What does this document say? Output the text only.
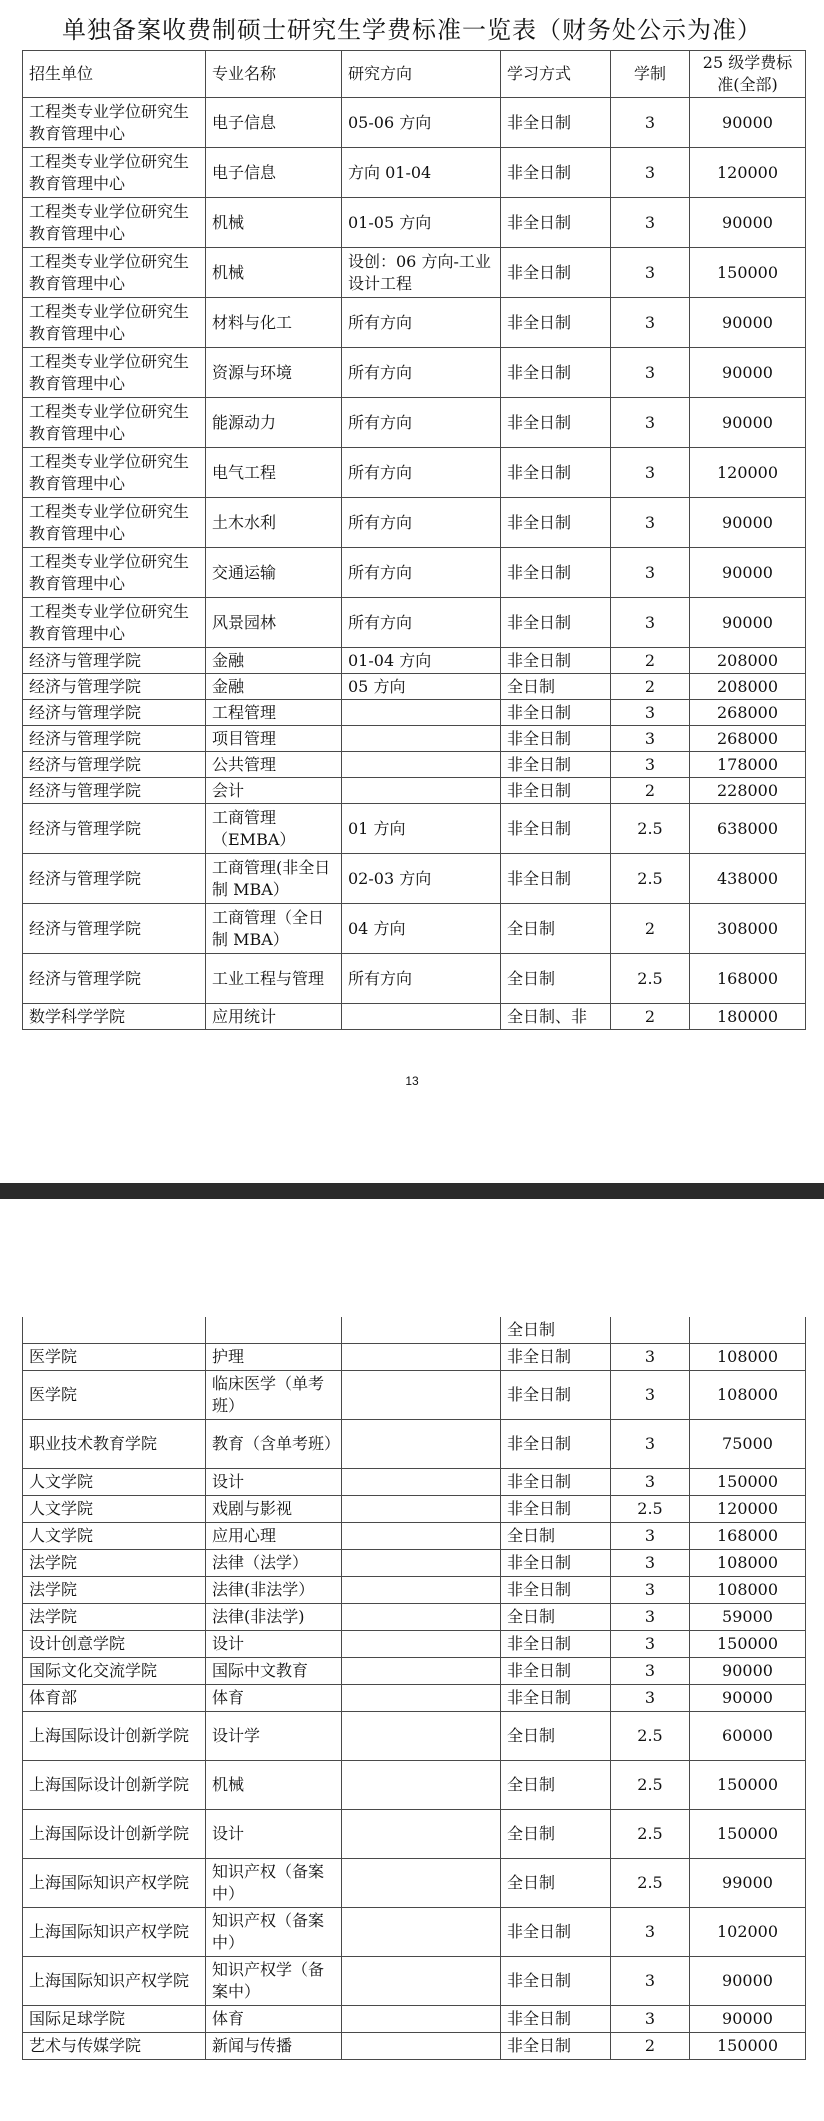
单独备案收费制硕士研究生学费标准一览表（财务处公示为准）
招生单位	专业名称	研究方向	学习方式	学制	25 级学费标准(全部)
工程类专业学位研究生教育管理中心	电子信息	05-06 方向	非全日制	3	90000
工程类专业学位研究生教育管理中心	电子信息	方向 01-04	非全日制	3	120000
工程类专业学位研究生教育管理中心	机械	01-05 方向	非全日制	3	90000
工程类专业学位研究生教育管理中心	机械	设创：06 方向-工业设计工程	非全日制	3	150000
工程类专业学位研究生教育管理中心	材料与化工	所有方向	非全日制	3	90000
工程类专业学位研究生教育管理中心	资源与环境	所有方向	非全日制	3	90000
工程类专业学位研究生教育管理中心	能源动力	所有方向	非全日制	3	90000
工程类专业学位研究生教育管理中心	电气工程	所有方向	非全日制	3	120000
工程类专业学位研究生教育管理中心	土木水利	所有方向	非全日制	3	90000
工程类专业学位研究生教育管理中心	交通运输	所有方向	非全日制	3	90000
工程类专业学位研究生教育管理中心	风景园林	所有方向	非全日制	3	90000
经济与管理学院	金融	01-04 方向	非全日制	2	208000
经济与管理学院	金融	05 方向	全日制	2	208000
经济与管理学院	工程管理		非全日制	3	268000
经济与管理学院	项目管理		非全日制	3	268000
经济与管理学院	公共管理		非全日制	3	178000
经济与管理学院	会计		非全日制	2	228000
经济与管理学院	工商管理（EMBA）	01 方向	非全日制	2.5	638000
经济与管理学院	工商管理(非全日制 MBA）	02-03 方向	非全日制	2.5	438000
经济与管理学院	工商管理（全日制 MBA）	04 方向	全日制	2	308000
经济与管理学院	工业工程与管理	所有方向	全日制	2.5	168000
数学科学学院	应用统计		全日制、非	2	180000
13
			全日制		
医学院	护理		非全日制	3	108000
医学院	临床医学（单考班）		非全日制	3	108000
职业技术教育学院	教育（含单考班）		非全日制	3	75000
人文学院	设计		非全日制	3	150000
人文学院	戏剧与影视		非全日制	2.5	120000
人文学院	应用心理		全日制	3	168000
法学院	法律（法学）		非全日制	3	108000
法学院	法律(非法学）		非全日制	3	108000
法学院	法律(非法学)		全日制	3	59000
设计创意学院	设计		非全日制	3	150000
国际文化交流学院	国际中文教育		非全日制	3	90000
体育部	体育		非全日制	3	90000
上海国际设计创新学院	设计学		全日制	2.5	60000
上海国际设计创新学院	机械		全日制	2.5	150000
上海国际设计创新学院	设计		全日制	2.5	150000
上海国际知识产权学院	知识产权（备案中）		全日制	2.5	99000
上海国际知识产权学院	知识产权（备案中）		非全日制	3	102000
上海国际知识产权学院	知识产权学（备案中）		非全日制	3	90000
国际足球学院	体育		非全日制	3	90000
艺术与传媒学院	新闻与传播		非全日制	2	150000
